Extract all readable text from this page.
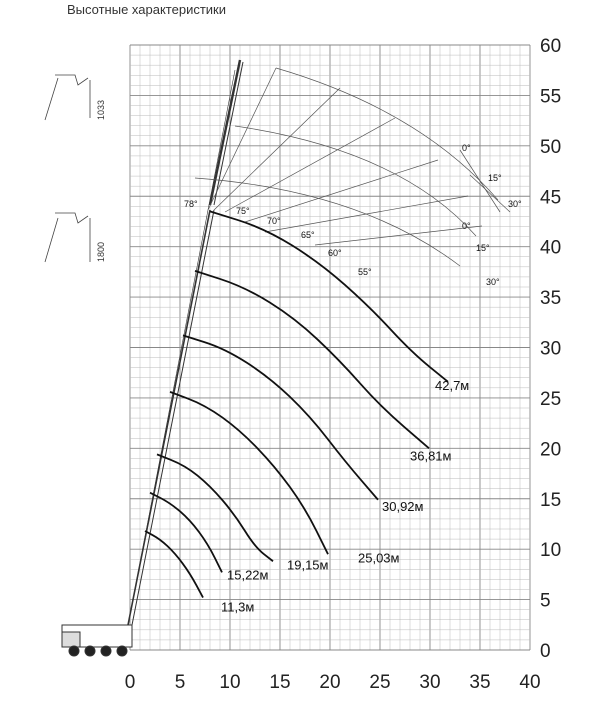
Высотные характеристики
0 5 10 15 20 25 30 35 40
0
5
10
15
20
25
30
35
40
45
50
55
60
1033
1800
11,3м
15,22м
19,15м 25,03м
30,92м
36,81м
42,7м
78°
75°
70°
65°
60°
55°
0°
15°
30°
0°
15°
30°
